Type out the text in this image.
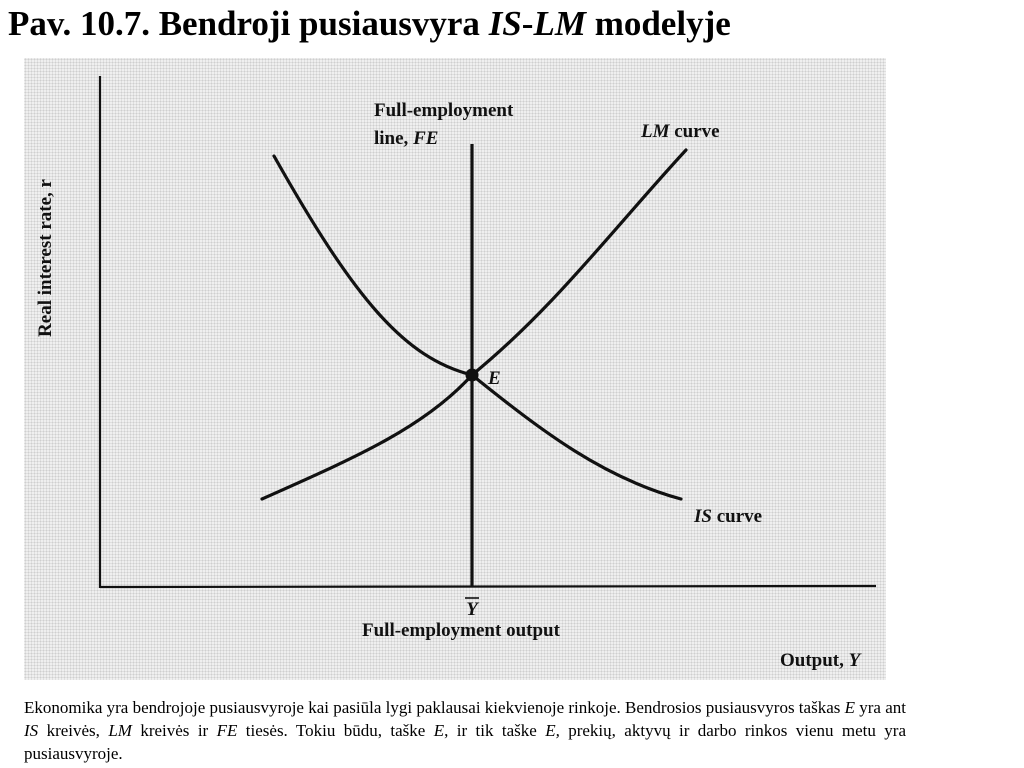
Pav. 10.7. Bendroji pusiausvyra IS-LM modelyje
E
Real interest rate, r
Full-employment
line, FE	LM curve
IS curve
Y
Full-employment output
Output, Y
Ekonomika yra bendrojoje pusiausvyroje kai pasiūla lygi paklausai kiekvienoje rinkoje. Bendrosios pusiausvyros taškas E yra ant IS kreivės, LM kreivės ir FE tiesės. Tokiu būdu, taške E, ir tik taške E, prekių, aktyvų ir darbo rinkos vienu metu yra pusiausvyroje.
